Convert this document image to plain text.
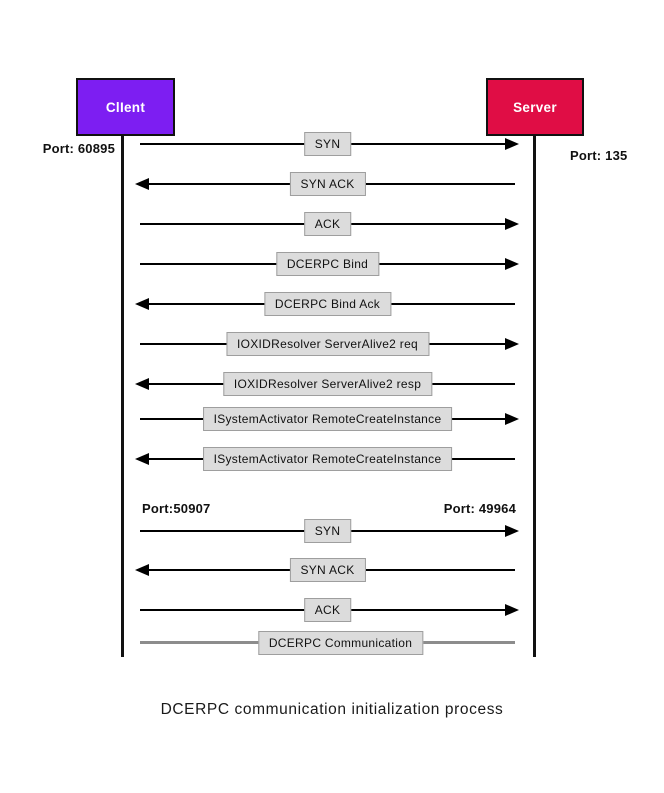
ClIent	Server
Port: 60895	Port: 135
Port:50907	Port: 49964
SYN
SYN ACK
ACK
DCERPC Bind
DCERPC Bind Ack
IOXIDResolver ServerAlive2 req
IOXIDResolver ServerAlive2 resp
ISystemActivator RemoteCreateInstance
ISystemActivator RemoteCreateInstance
SYN
SYN ACK
ACK
DCERPC Communication
DCERPC communication initialization process
